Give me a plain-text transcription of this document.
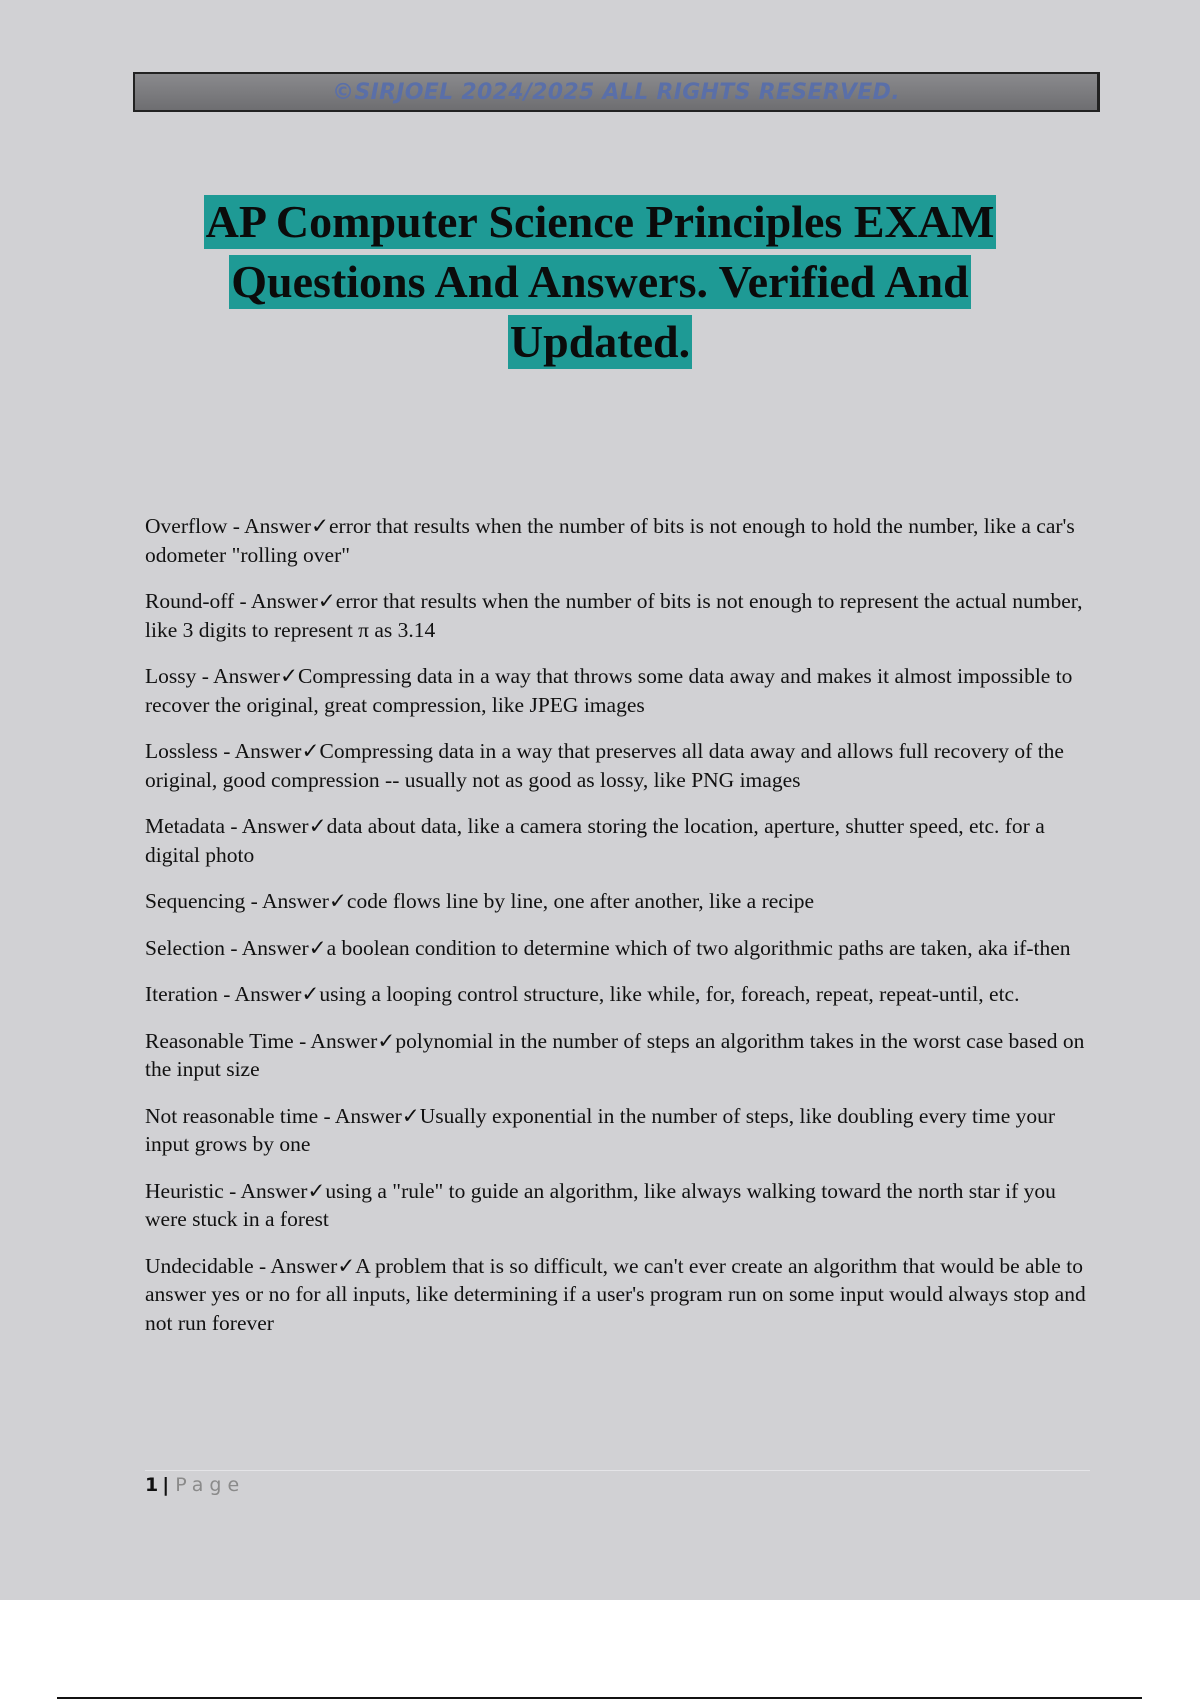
©SIRJOEL 2024/2025 ALL RIGHTS RESERVED.
AP Computer Science Principles EXAM
Questions And Answers. Verified And
Updated.

Overflow - Answer✓error that results when the number of bits is not enough to hold the number, like a car's odometer "rolling over"

Round-off - Answer✓error that results when the number of bits is not enough to represent the actual number, like 3 digits to represent π as 3.14

Lossy - Answer✓Compressing data in a way that throws some data away and makes it almost impossible to recover the original, great compression, like JPEG images

Lossless - Answer✓Compressing data in a way that preserves all data away and allows full recovery of the original, good compression -- usually not as good as lossy, like PNG images

Metadata - Answer✓data about data, like a camera storing the location, aperture, shutter speed, etc. for a digital photo

Sequencing - Answer✓code flows line by line, one after another, like a recipe

Selection - Answer✓a boolean condition to determine which of two algorithmic paths are taken, aka if-then

Iteration - Answer✓using a looping control structure, like while, for, foreach, repeat, repeat-until, etc.

Reasonable Time - Answer✓polynomial in the number of steps an algorithm takes in the worst case based on the input size

Not reasonable time - Answer✓Usually exponential in the number of steps, like doubling every time your input grows by one

Heuristic - Answer✓using a "rule" to guide an algorithm, like always walking toward the north star if you were stuck in a forest

Undecidable - Answer✓A problem that is so difficult, we can't ever create an algorithm that would be able to answer yes or no for all inputs, like determining if a user's program run on some input would always stop and not run forever

1 | Page
